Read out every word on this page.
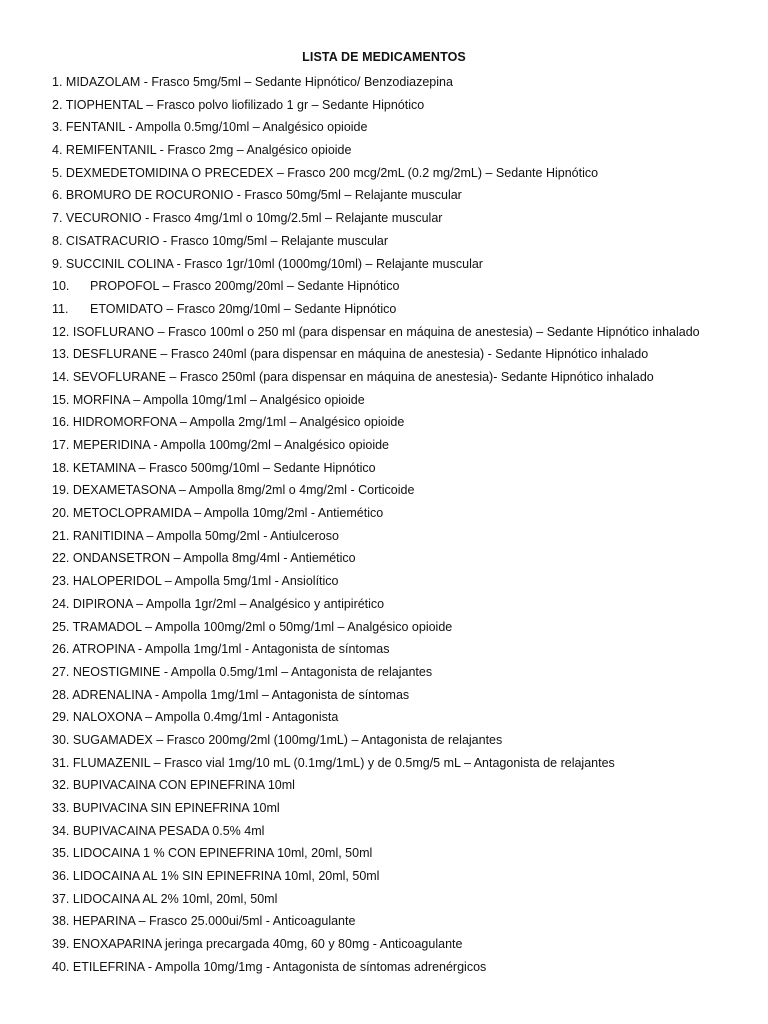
LISTA DE MEDICAMENTOS
1. MIDAZOLAM - Frasco 5mg/5ml – Sedante Hipnótico/ Benzodiazepina
2. TIOPHENTAL – Frasco polvo liofilizado 1 gr – Sedante Hipnótico
3. FENTANIL - Ampolla 0.5mg/10ml – Analgésico opioide
4. REMIFENTANIL - Frasco 2mg – Analgésico opioide
5. DEXMEDETOMIDINA O PRECEDEX – Frasco 200 mcg/2mL (0.2 mg/2mL) – Sedante Hipnótico
6. BROMURO DE ROCURONIO - Frasco 50mg/5ml – Relajante muscular
7. VECURONIO - Frasco 4mg/1ml o 10mg/2.5ml – Relajante muscular
8. CISATRACURIO - Frasco 10mg/5ml – Relajante muscular
9. SUCCINIL COLINA - Frasco 1gr/10ml (1000mg/10ml) – Relajante muscular
10. PROPOFOL – Frasco 200mg/20ml – Sedante Hipnótico
11. ETOMIDATO – Frasco 20mg/10ml – Sedante Hipnótico
12. ISOFLURANO – Frasco 100ml o 250 ml (para dispensar en máquina de anestesia) – Sedante Hipnótico inhalado
13. DESFLURANE – Frasco 240ml (para dispensar en máquina de anestesia) - Sedante Hipnótico inhalado
14. SEVOFLURANE – Frasco 250ml (para dispensar en máquina de anestesia)- Sedante Hipnótico inhalado
15. MORFINA – Ampolla 10mg/1ml – Analgésico opioide
16. HIDROMORFONA – Ampolla 2mg/1ml – Analgésico opioide
17. MEPERIDINA - Ampolla 100mg/2ml – Analgésico opioide
18. KETAMINA – Frasco 500mg/10ml – Sedante Hipnótico
19. DEXAMETASONA – Ampolla 8mg/2ml o 4mg/2ml - Corticoide
20. METOCLOPRAMIDA – Ampolla 10mg/2ml - Antiemético
21. RANITIDINA – Ampolla 50mg/2ml - Antiulceroso
22. ONDANSETRON – Ampolla 8mg/4ml - Antiemético
23. HALOPERIDOL – Ampolla 5mg/1ml - Ansiolítico
24. DIPIRONA – Ampolla 1gr/2ml – Analgésico y antipirético
25. TRAMADOL – Ampolla 100mg/2ml o 50mg/1ml – Analgésico opioide
26. ATROPINA - Ampolla 1mg/1ml - Antagonista de síntomas
27. NEOSTIGMINE - Ampolla 0.5mg/1ml – Antagonista de relajantes
28. ADRENALINA - Ampolla 1mg/1ml – Antagonista de síntomas
29. NALOXONA – Ampolla 0.4mg/1ml - Antagonista
30. SUGAMADEX – Frasco 200mg/2ml (100mg/1mL) – Antagonista de relajantes
31. FLUMAZENIL – Frasco vial 1mg/10 mL (0.1mg/1mL) y de 0.5mg/5 mL – Antagonista de relajantes
32. BUPIVACAINA CON EPINEFRINA 10ml
33. BUPIVACINA SIN EPINEFRINA 10ml
34. BUPIVACAINA PESADA 0.5% 4ml
35. LIDOCAINA 1 % CON EPINEFRINA 10ml, 20ml, 50ml
36. LIDOCAINA AL 1% SIN EPINEFRINA 10ml, 20ml, 50ml
37. LIDOCAINA AL 2% 10ml, 20ml, 50ml
38. HEPARINA – Frasco 25.000ui/5ml - Anticoagulante
39. ENOXAPARINA jeringa precargada 40mg, 60 y 80mg - Anticoagulante
40. ETILEFRINA - Ampolla 10mg/1mg - Antagonista de síntomas adrenérgicos
